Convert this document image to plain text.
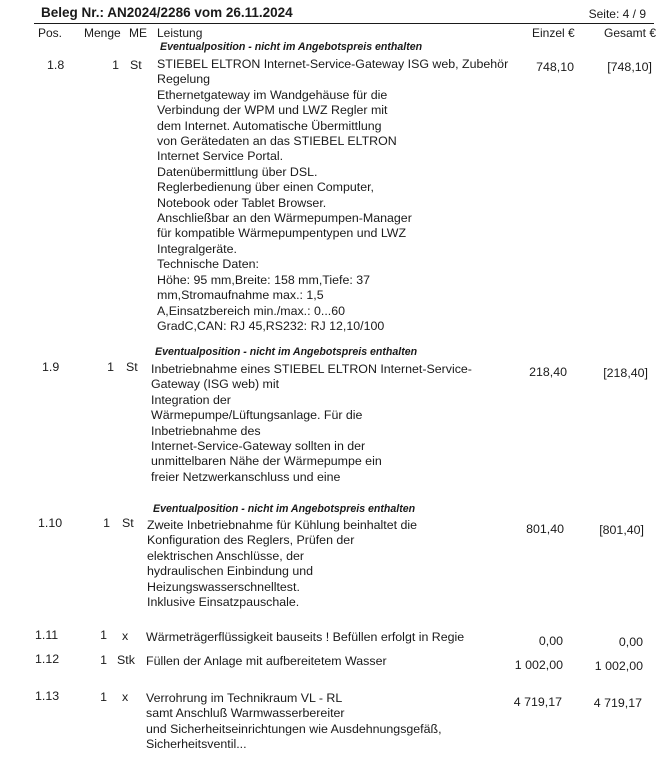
Beleg Nr.: AN2024/2286 vom 26.11.2024	Seite: 4 / 9
Pos. Menge ME Leistung	Einzel € Gesamt €
Eventualposition - nicht im Angebotspreis enthalten
1.8	1 St STIEBEL ELTRON Internet-Service-Gateway ISG web, Zubehör
Regelung
Ethernetgateway im Wandgehäuse für die
Verbindung der WPM und LWZ Regler mit
dem Internet. Automatische Übermittlung
von Gerätedaten an das STIEBEL ELTRON
Internet Service Portal.
Datenübermittlung über DSL.
Reglerbedienung über einen Computer,
Notebook oder Tablet Browser.
Anschließbar an den Wärmepumpen-Manager
für kompatible Wärmepumpentypen und LWZ
Integralgeräte.
Technische Daten:
Höhe: 95 mm,Breite: 158 mm,Tiefe: 37
mm,Stromaufnahme max.: 1,5
A,Einsatzbereich min./max.: 0...60
GradC,CAN: RJ 45,RS232: RJ 12,10/100
748,10	[748,10]
Eventualposition - nicht im Angebotspreis enthalten
1.9	1 St Inbetriebnahme eines STIEBEL ELTRON Internet-Service-
Gateway (ISG web) mit
Integration der
Wärmepumpe/Lüftungsanlage. Für die
Inbetriebnahme des
Internet-Service-Gateway sollten in der
unmittelbaren Nähe der Wärmepumpe ein
freier Netzwerkanschluss und eine
218,40	[218,40]
Eventualposition - nicht im Angebotspreis enthalten
1.10	1 St Zweite Inbetriebnahme für Kühlung beinhaltet die
Konfiguration des Reglers, Prüfen der
elektrischen Anschlüsse, der
hydraulischen Einbindung und
Heizungswasserschnelltest.
Inklusive Einsatzpauschale.
801,40	[801,40]
1.11	1 x Wärmeträgerflüssigkeit bauseits ! Befüllen erfolgt in Regie	0,00	0,00
1.12	1 Stk Füllen der Anlage mit aufbereitetem Wasser	1 002,00	1 002,00
1.13	1 x Verrohrung im Technikraum VL - RL
samt Anschluß Warmwasserbereiter
und Sicherheitseinrichtungen wie Ausdehnungsgefäß,
Sicherheitsventil...
4 719,17	4 719,17
